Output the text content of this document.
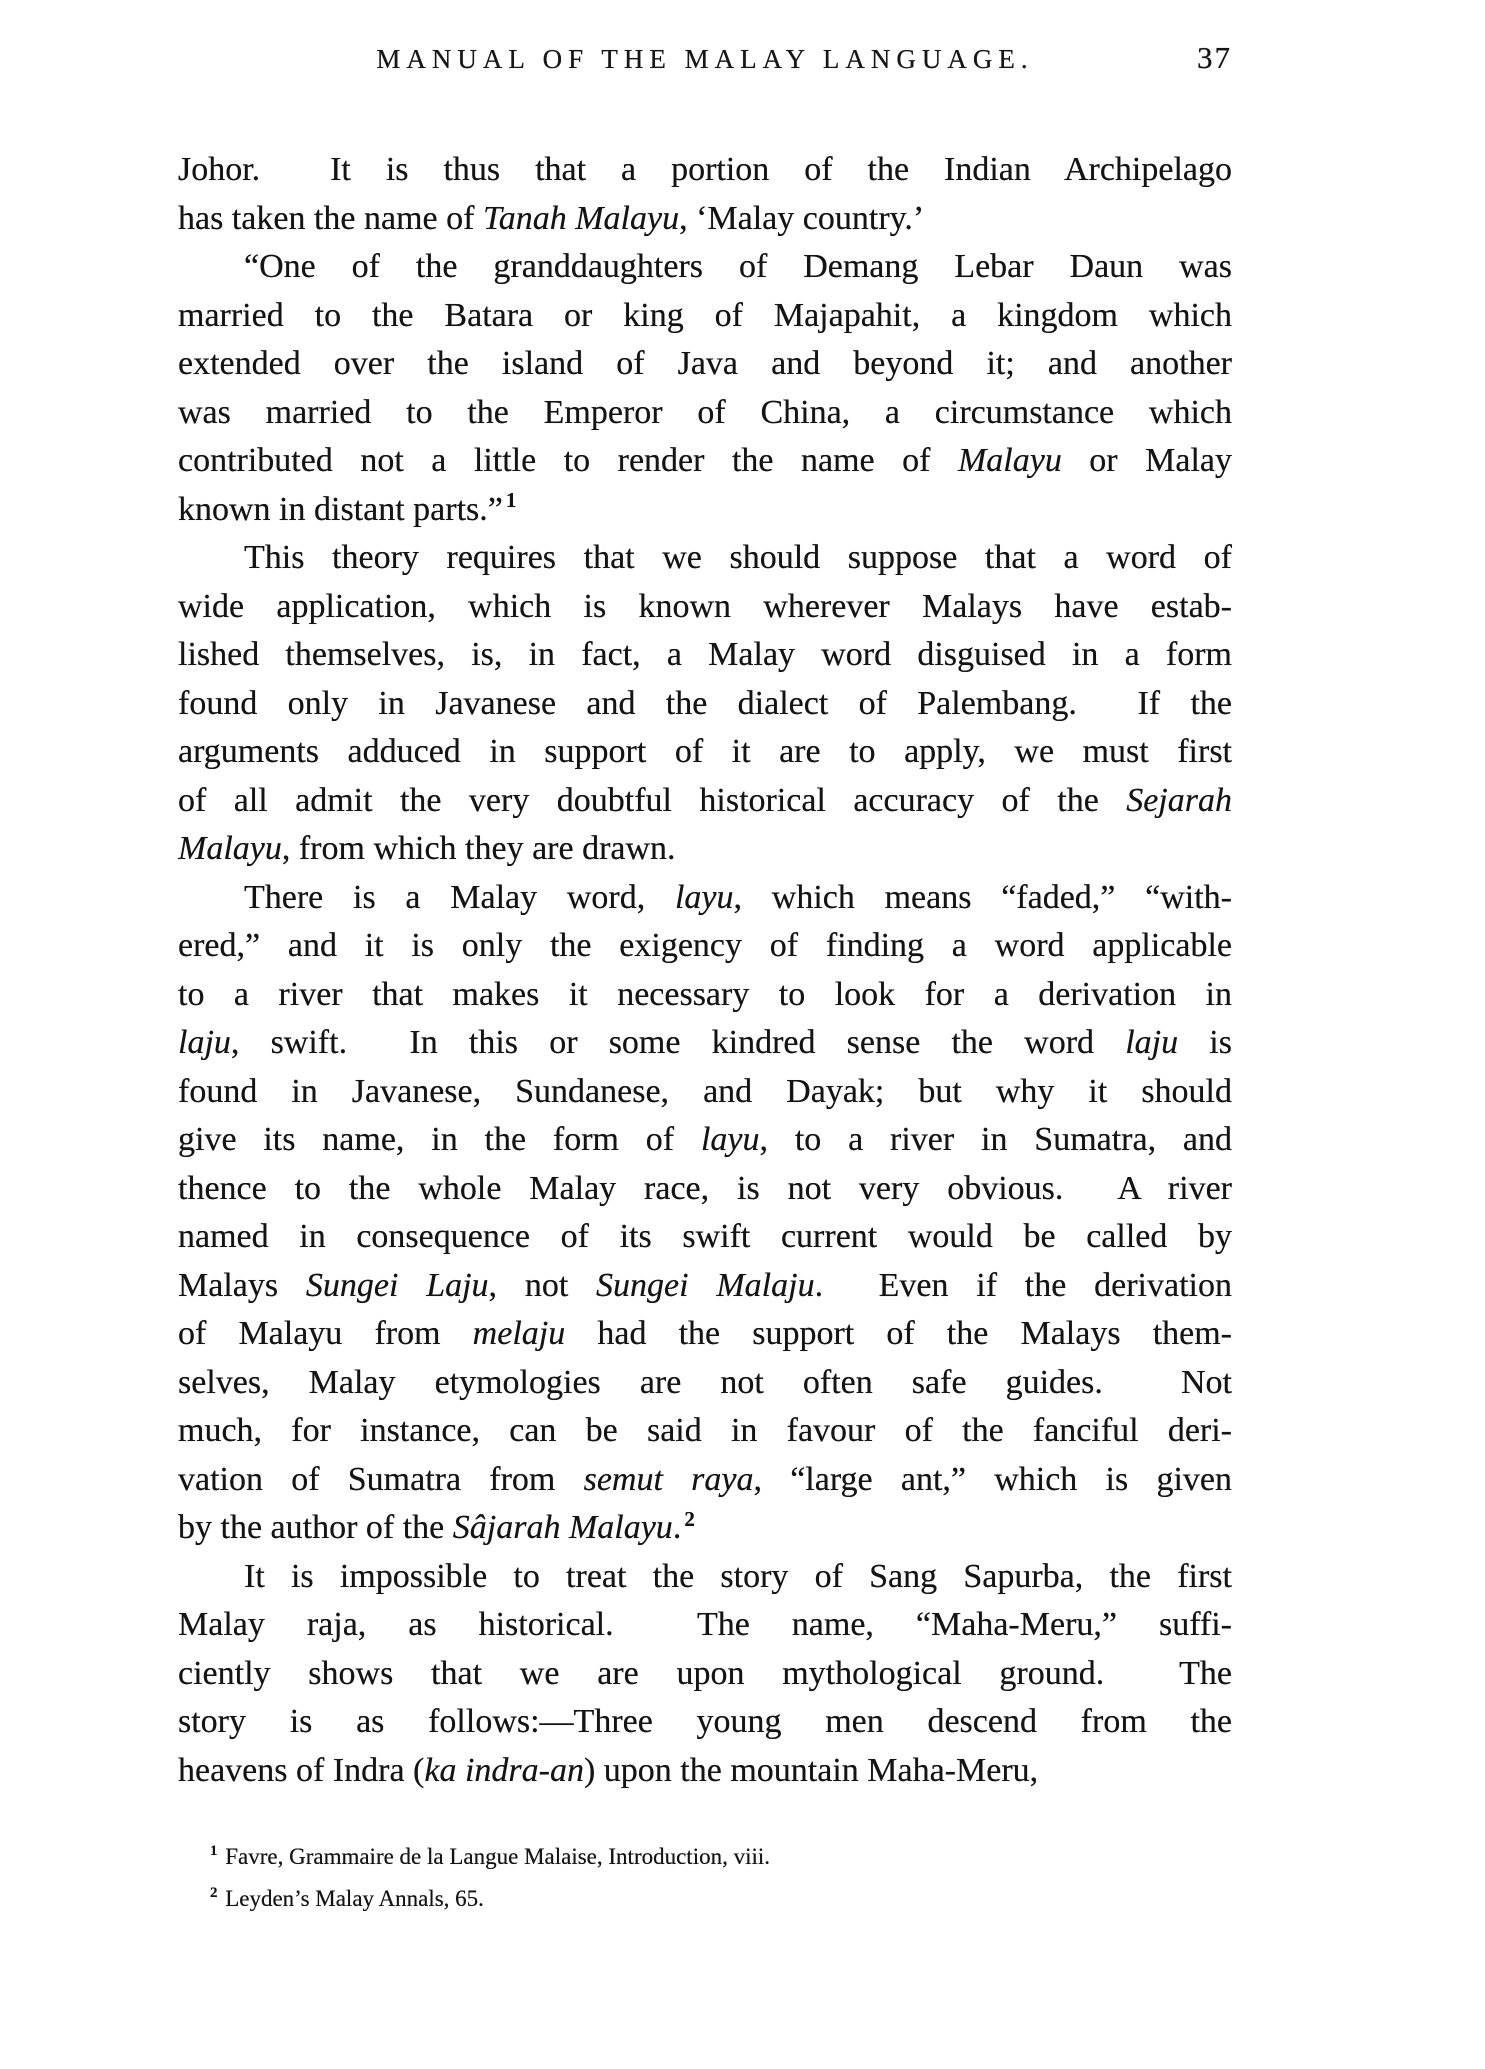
MANUAL OF THE MALAY LANGUAGE.	37
Johor.  It is thus that a portion of the Indian Archipelago
has taken the name of Tanah Malayu, ‘Malay country.’
“One of the granddaughters of Demang Lebar Daun was
married to the Batara or king of Majapahit, a kingdom which
extended over the island of Java and beyond it; and another
was married to the Emperor of China, a circumstance which
contributed not a little to render the name of Malayu or Malay
known in distant parts.” $^1$
This theory requires that we should suppose that a word of
wide application, which is known wherever Malays have estab-
lished themselves, is, in fact, a Malay word disguised in a form
found only in Javanese and the dialect of Palembang.  If the
arguments adduced in support of it are to apply, we must first
of all admit the very doubtful historical accuracy of the Sejarah
Malayu, from which they are drawn.
There is a Malay word, layu, which means “faded,” “with-
ered,” and it is only the exigency of finding a word applicable
to a river that makes it necessary to look for a derivation in
laju, swift.  In this or some kindred sense the word laju is
found in Javanese, Sundanese, and Dayak; but why it should
give its name, in the form of layu, to a river in Sumatra, and
thence to the whole Malay race, is not very obvious.  A river
named in consequence of its swift current would be called by
Malays Sungei Laju, not Sungei Malaju.  Even if the derivation
of Malayu from melaju had the support of the Malays them-
selves, Malay etymologies are not often safe guides.  Not
much, for instance, can be said in favour of the fanciful deri-
vation of Sumatra from semut raya, “large ant,” which is given
by the author of the Sâjarah Malayu. $^2$
It is impossible to treat the story of Sang Sapurba, the first
Malay raja, as historical.  The name, “Maha-Meru,” suffi-
ciently shows that we are upon mythological ground.  The
story is as follows:—Three young men descend from the
heavens of Indra (ka indra-an) upon the mountain Maha-Meru,
$^1$ Favre, Grammaire de la Langue Malaise, Introduction, viii.
$^2$ Leyden’s Malay Annals, 65.
